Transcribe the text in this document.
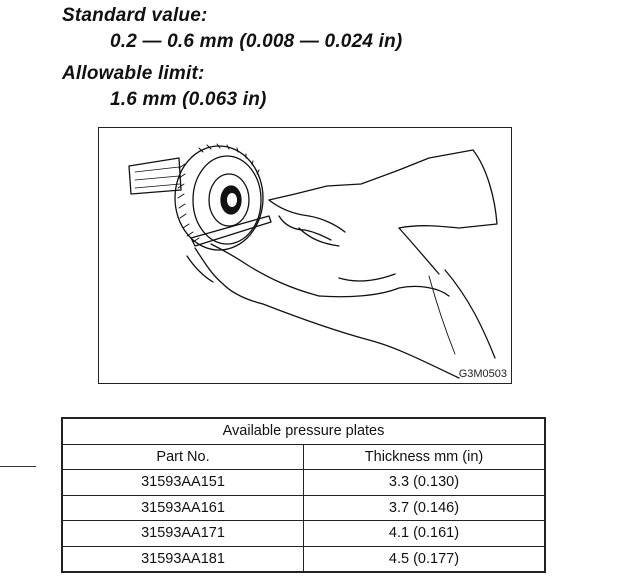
Standard value:
0.2 — 0.6 mm (0.008 — 0.024 in)
Allowable limit:
1.6 mm (0.063 in)
G3M0503
Available pressure plates	
Part No.	Thickness mm (in)
31593AA151	3.3 (0.130)
31593AA161	3.7 (0.146)
31593AA171	4.1 (0.161)
31593AA181	4.5 (0.177)
